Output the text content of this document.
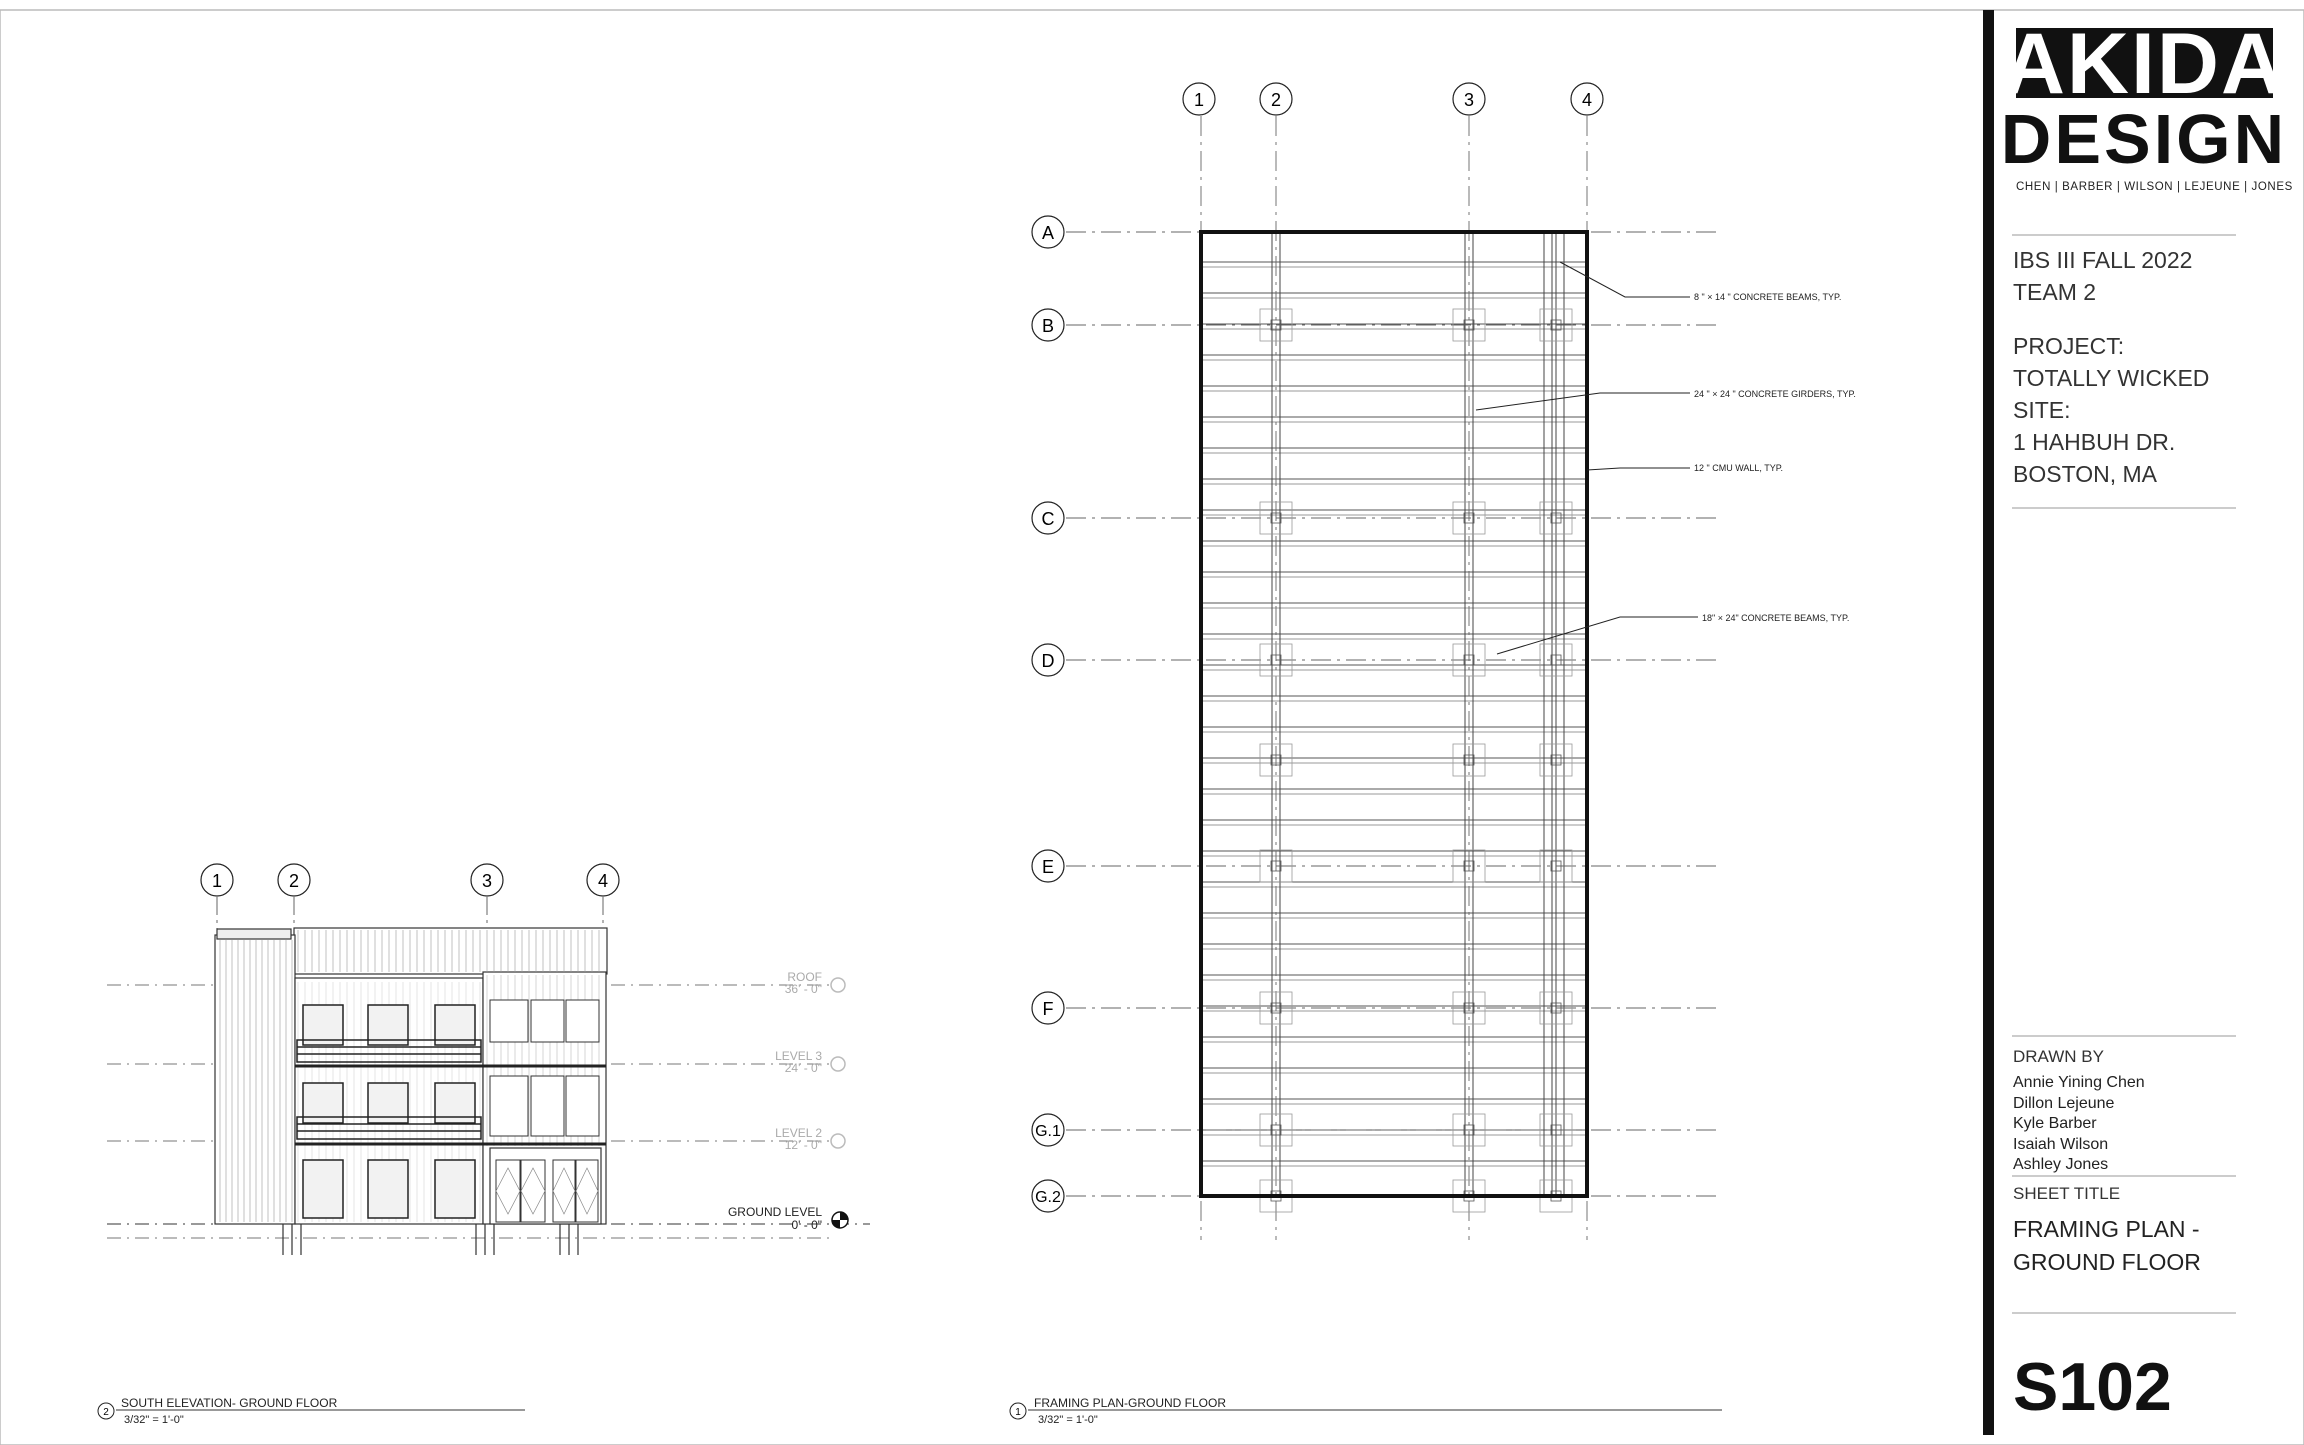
AKIDA
DESIGN
CHEN | BARBER | WILSON | LEJEUNE | JONES
IBS III FALL 2022
TEAM 2
PROJECT:
TOTALLY WICKED
SITE:
1 HAHBUH DR.
BOSTON, MA
DRAWN BY
Annie Yining Chen
Dillon Lejeune
Kyle Barber
Isaiah Wilson
Ashley Jones
SHEET TITLE
FRAMING PLAN -
GROUND FLOOR
S102
8 " × 14 " CONCRETE BEAMS, TYP.
24 " × 24 " CONCRETE GIRDERS, TYP.
12 " CMU WALL, TYP.
18" × 24" CONCRETE BEAMS, TYP.
1	2	3	4
A
B
C
D
E
F
G.1
G.2
1
FRAMING PLAN-GROUND FLOOR
3/32" = 1'-0"
1	2	3	4
ROOF
36' - 0"
LEVEL 3
24' - 0"
LEVEL 2
12' - 0"
GROUND LEVEL
0' - 0"
2
SOUTH ELEVATION- GROUND FLOOR
3/32" = 1'-0"
